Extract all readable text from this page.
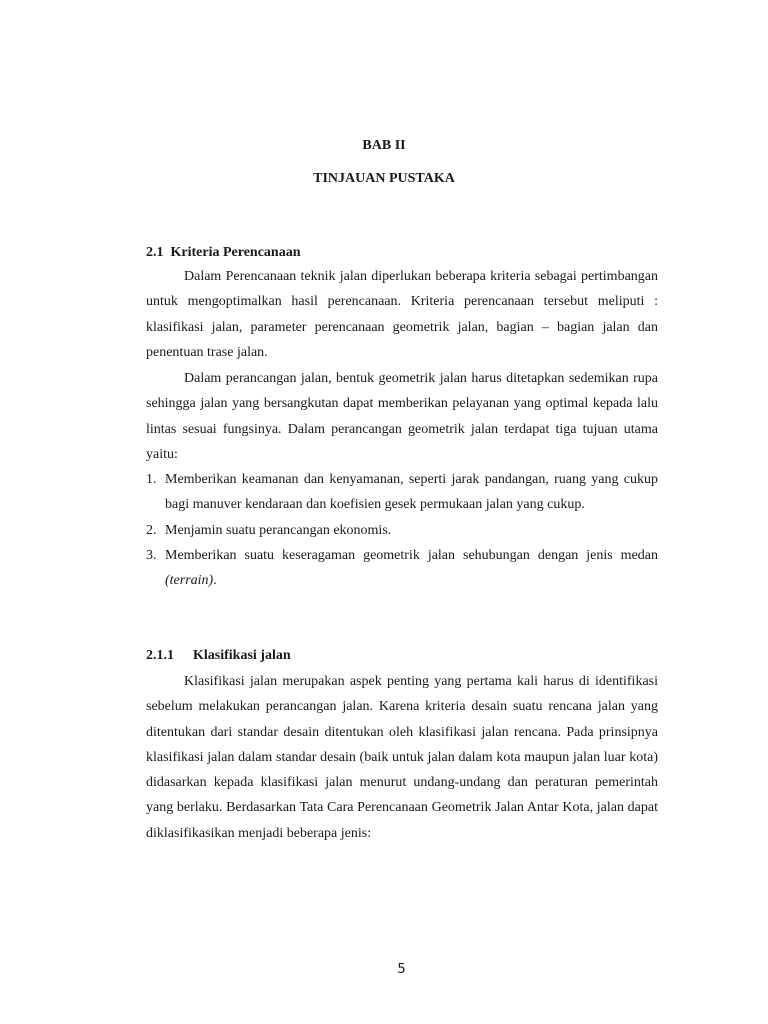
BAB II
TINJAUAN PUSTAKA
2.1 Kriteria Perencanaan

Dalam Perencanaan teknik jalan diperlukan beberapa kriteria sebagai pertimbangan untuk mengoptimalkan hasil perencanaan. Kriteria perencanaan tersebut meliputi : klasifikasi jalan, parameter perencanaan geometrik jalan, bagian – bagian jalan dan penentuan trase jalan.

Dalam perancangan jalan, bentuk geometrik jalan harus ditetapkan sedemikan rupa sehingga jalan yang bersangkutan dapat memberikan pelayanan yang optimal kepada lalu lintas sesuai fungsinya. Dalam perancangan geometrik jalan terdapat tiga tujuan utama yaitu:

1. Memberikan keamanan dan kenyamanan, seperti jarak pandangan, ruang yang cukup bagi manuver kendaraan dan koefisien gesek permukaan jalan yang cukup.
2. Menjamin suatu perancangan ekonomis.
3. Memberikan suatu keseragaman geometrik jalan sehubungan dengan jenis medan (terrain).
2.1.1 Klasifikasi jalan

Klasifikasi jalan merupakan aspek penting yang pertama kali harus di identifikasi sebelum melakukan perancangan jalan. Karena kriteria desain suatu rencana jalan yang ditentukan dari standar desain ditentukan oleh klasifikasi jalan rencana. Pada prinsipnya klasifikasi jalan dalam standar desain (baik untuk jalan dalam kota maupun jalan luar kota) didasarkan kepada klasifikasi jalan menurut undang-undang dan peraturan pemerintah yang berlaku. Berdasarkan Tata Cara Perencanaan Geometrik Jalan Antar Kota, jalan dapat diklasifikasikan menjadi beberapa jenis:

5
